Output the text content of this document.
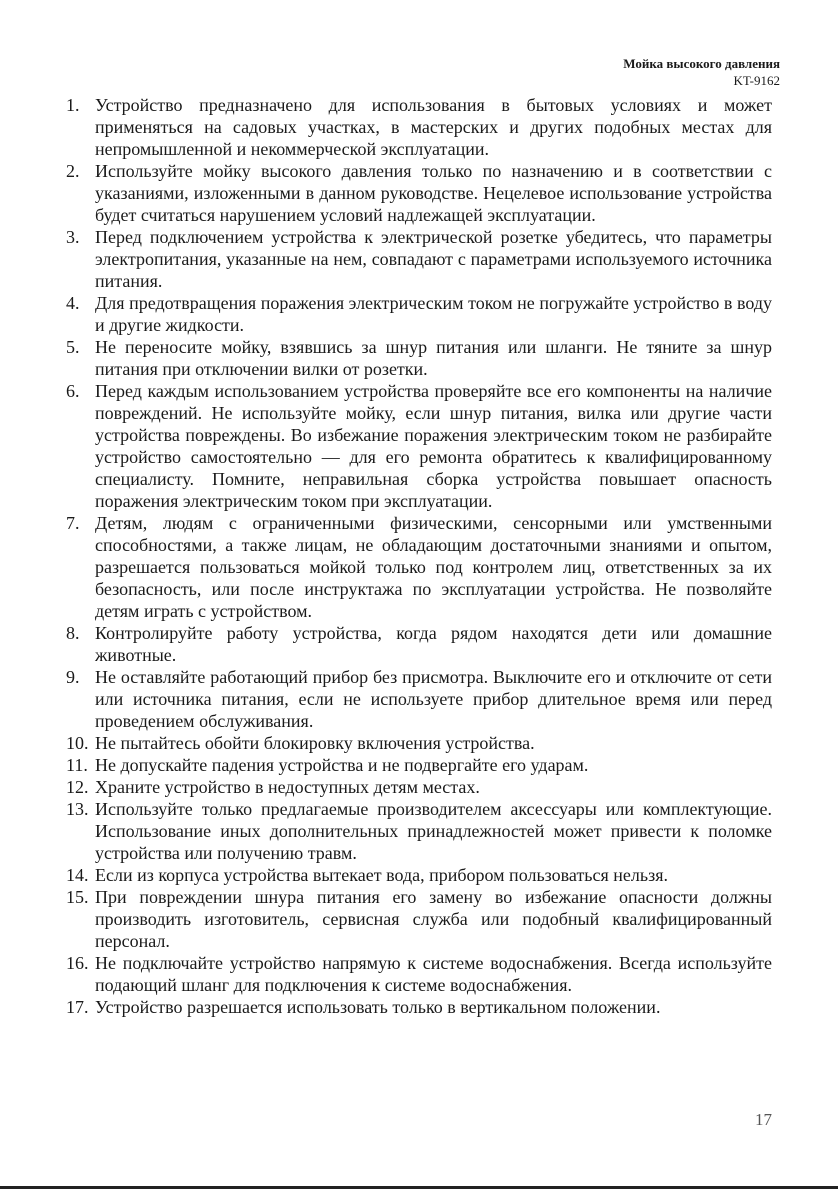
Мойка высокого давления
KT-9162
1. Устройство предназначено для использования в бытовых условиях и может применяться на садовых участках, в мастерских и других подобных местах для непромышленной и некоммерческой эксплуатации.
2. Используйте мойку высокого давления только по назначению и в соответствии с указаниями, изложенными в данном руководстве. Нецелевое использование устройства будет считаться нарушением условий надлежащей эксплуатации.
3. Перед подключением устройства к электрической розетке убедитесь, что параметры электропитания, указанные на нем, совпадают с параметрами используемого источника питания.
4. Для предотвращения поражения электрическим током не погружайте устройство в воду и другие жидкости.
5. Не переносите мойку, взявшись за шнур питания или шланги. Не тяните за шнур питания при отключении вилки от розетки.
6. Перед каждым использованием устройства проверяйте все его компоненты на наличие повреждений. Не используйте мойку, если шнур питания, вилка или другие части устройства повреждены. Во избежание поражения электрическим током не разбирайте устройство самостоятельно — для его ремонта обратитесь к квалифицированному специалисту. Помните, неправильная сборка устройства повышает опасность поражения электрическим током при эксплуатации.
7. Детям, людям с ограниченными физическими, сенсорными или умственными способностями, а также лицам, не обладающим достаточными знаниями и опытом, разрешается пользоваться мойкой только под контролем лиц, ответственных за их безопасность, или после инструктажа по эксплуатации устройства. Не позволяйте детям играть с устройством.
8. Контролируйте работу устройства, когда рядом находятся дети или домашние животные.
9. Не оставляйте работающий прибор без присмотра. Выключите его и отключите от сети или источника питания, если не используете прибор длительное время или перед проведением обслуживания.
10. Не пытайтесь обойти блокировку включения устройства.
11. Не допускайте падения устройства и не подвергайте его ударам.
12. Храните устройство в недоступных детям местах.
13. Используйте только предлагаемые производителем аксессуары или комплектующие. Использование иных дополнительных принадлежностей может привести к поломке устройства или получению травм.
14. Если из корпуса устройства вытекает вода, прибором пользоваться нельзя.
15. При повреждении шнура питания его замену во избежание опасности должны производить изготовитель, сервисная служба или подобный квалифицированный персонал.
16. Не подключайте устройство напрямую к системе водоснабжения. Всегда используйте подающий шланг для подключения к системе водоснабжения.
17. Устройство разрешается использовать только в вертикальном положении.
17
